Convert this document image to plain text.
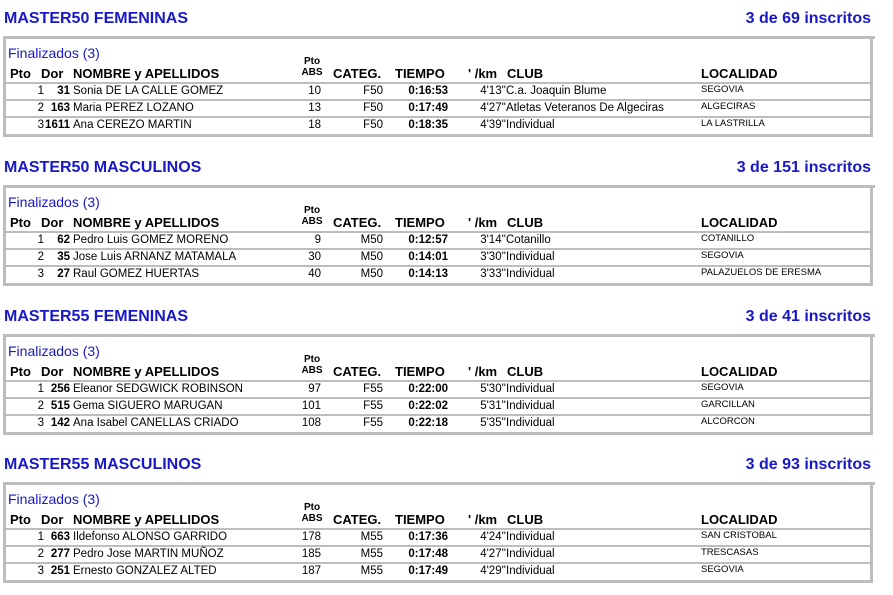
MASTER50 FEMENINAS	3 de 69 inscritos
Finalizados (3)
Pto
ABS
Pto Dor NOMBRE y APELLIDOS	CATEG. TIEMPO ' /km CLUB	LOCALIDAD
1	31 Sonia DE LA CALLE GOMEZ	10	F50	0:16:53	4'13'' C.a. Joaquin Blume	SEGOVIA
2 163 Maria PEREZ LOZANO	13	F50	0:17:49	4'27'' Atletas Veteranos De Algeciras	ALGECIRAS
3 1611 Ana CEREZO MARTIN	18	F50	0:18:35	4'39'' Individual	LA LASTRILLA
MASTER50 MASCULINOS	3 de 151 inscritos
Finalizados (3)
Pto
ABS
Pto Dor NOMBRE y APELLIDOS	CATEG. TIEMPO ' /km CLUB	LOCALIDAD
1	62 Pedro Luis GOMEZ MORENO	9	M50	0:12:57	3'14'' Cotanillo	COTANILLO
2	35 Jose Luis ARNANZ MATAMALA	30	M50	0:14:01	3'30'' Individual	SEGOVIA
3	27 Raul GOMEZ HUERTAS	40	M50	0:14:13	3'33'' Individual	PALAZUELOS DE ERESMA
MASTER55 FEMENINAS	3 de 41 inscritos
Finalizados (3)
Pto
ABS
Pto Dor NOMBRE y APELLIDOS	CATEG. TIEMPO ' /km CLUB	LOCALIDAD
1 256 Eleanor SEDGWICK ROBINSON	97	F55	0:22:00	5'30'' Individual	SEGOVIA
2 515 Gema SIGUERO MARUGAN	101	F55	0:22:02	5'31'' Individual	GARCILLAN
3 142 Ana Isabel CANELLAS CRIADO	108	F55	0:22:18	5'35'' Individual	ALCORCON
MASTER55 MASCULINOS	3 de 93 inscritos
Finalizados (3)
Pto
ABS
Pto Dor NOMBRE y APELLIDOS	CATEG. TIEMPO ' /km CLUB	LOCALIDAD
1 663 Ildefonso ALONSO GARRIDO	178	M55	0:17:36	4'24'' Individual	SAN CRISTOBAL
2 277 Pedro Jose MARTIN MUÑOZ	185	M55	0:17:48	4'27'' Individual	TRESCASAS
3 251 Ernesto GONZALEZ ALTED	187	M55	0:17:49	4'29'' Individual	SEGOVIA
